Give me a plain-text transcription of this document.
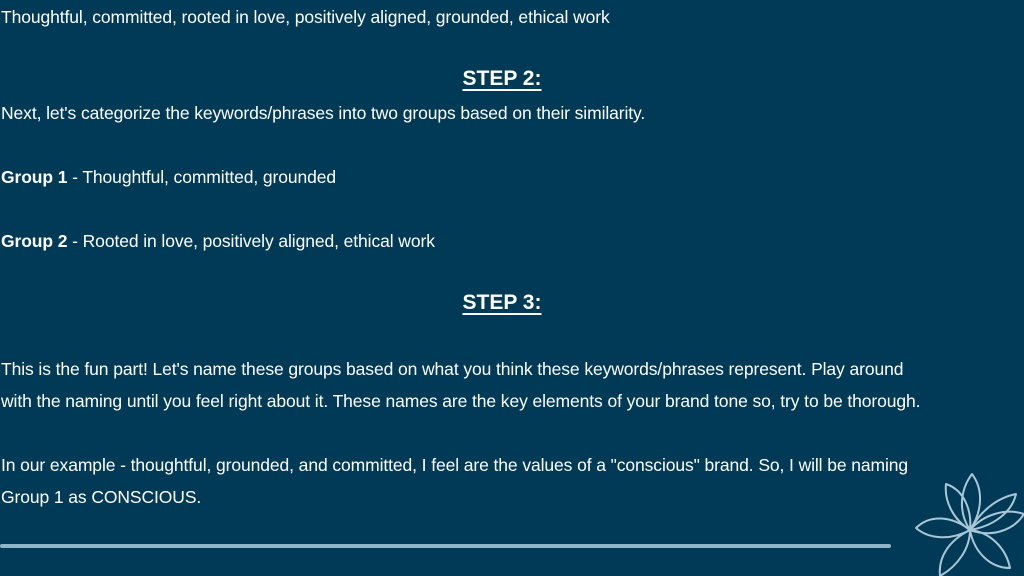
Thoughtful, committed, rooted in love, positively aligned, grounded, ethical work
STEP 2:
Next, let's categorize the keywords/phrases into two groups based on their similarity.
Group 1 - Thoughtful, committed, grounded
Group 2 - Rooted in love, positively aligned, ethical work
STEP 3:
This is the fun part! Let's name these groups based on what you think these keywords/phrases represent. Play around
with the naming until you feel right about it. These names are the key elements of your brand tone so, try to be thorough.
In our example - thoughtful, grounded, and committed, I feel are the values of a "conscious" brand. So, I will be naming
Group 1 as CONSCIOUS.
